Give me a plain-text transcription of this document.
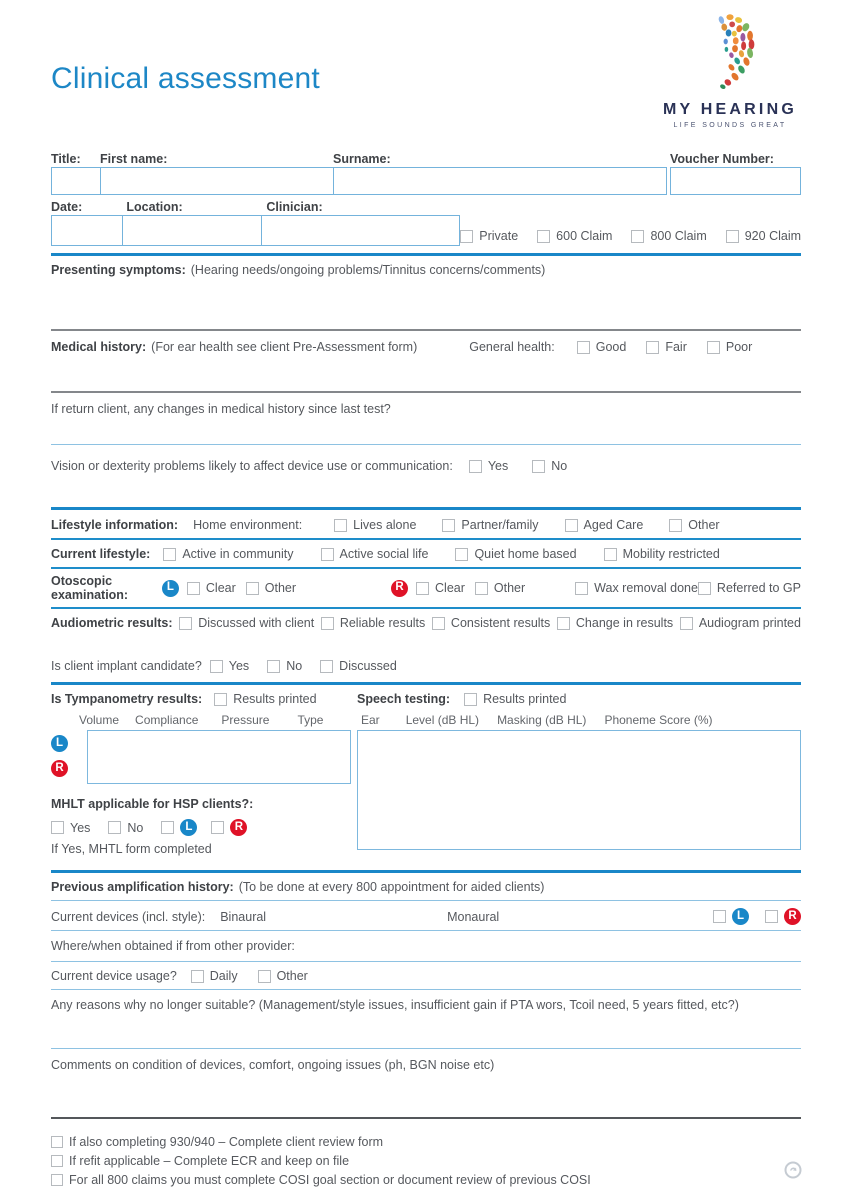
Clinical assessment
MY HEARING
LIFE SOUNDS GREAT
Title:	First name:	Surname:	Voucher Number:
Date:	Location:	Clinician:
Private	600 Claim	800 Claim	920 Claim
Presenting symptoms: (Hearing needs/ongoing problems/Tinnitus concerns/comments)
Medical history: (For ear health see client Pre-Assessment form)	General health:	Good	Fair	Poor
If return client, any changes in medical history since last test?
Vision or dexterity problems likely to affect device use or communication:	Yes	No
Lifestyle information: Home environment:	Lives alone	Partner/family	Aged Care	Other
Current lifestyle:	Active in community	Active social life	Quiet home based	Mobility restricted
Otoscopic examination:
L	Clear Other	R	Clear Other	Wax removal done Referred to GP
Audiometric results: Discussed with client Reliable results Consistent results Change in results Audiogram printed
Is client implant candidate? Yes	No	Discussed
Is Tympanometry results: Results printed
Volume Compliance Pressure Type
L
R
MHLT applicable for HSP clients?:
Yes	No	L	R
If Yes, MHTL form completed
Speech testing:	Results printed
Ear Level (dB HL) Masking (dB HL) Phoneme Score (%)
Previous amplification history: (To be done at every 800 appointment for aided clients)
Current devices (incl. style): Binaural	Monaural	L	R
Where/when obtained if from other provider:
Current device usage?	Daily	Other
Any reasons why no longer suitable? (Management/style issues, insufficient gain if PTA wors, Tcoil need, 5 years fitted, etc?)
Comments on condition of devices, comfort, ongoing issues (ph, BGN noise etc)
If also completing 930/940 – Complete client review form
If refit applicable – Complete ECR and keep on file
For all 800 claims you must complete COSI goal section or document review of previous COSI
